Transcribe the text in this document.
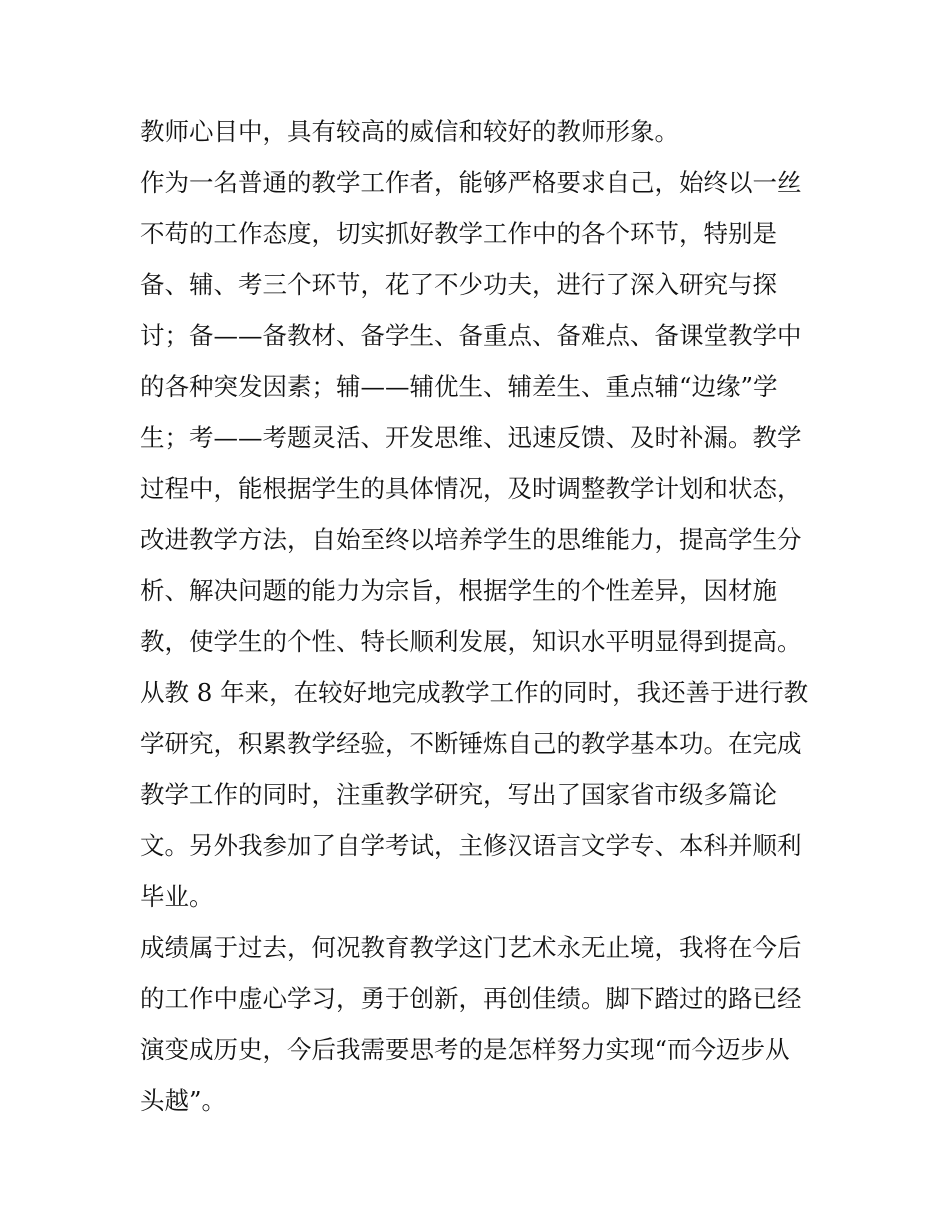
教师心目中，具有较高的威信和较好的教师形象。
作为一名普通的教学工作者，能够严格要求自己，始终以一丝
不苟的工作态度，切实抓好教学工作中的各个环节，特别是
备、辅、考三个环节，花了不少功夫，进行了深入研究与探
讨；备——备教材、备学生、备重点、备难点、备课堂教学中
的各种突发因素；辅——辅优生、辅差生、重点辅“边缘”学
生；考——考题灵活、开发思维、迅速反馈、及时补漏。教学
过程中，能根据学生的具体情况，及时调整教学计划和状态，
改进教学方法，自始至终以培养学生的思维能力，提高学生分
析、解决问题的能力为宗旨，根据学生的个性差异，因材施
教，使学生的个性、特长顺利发展，知识水平明显得到提高。
从教 8 年来，在较好地完成教学工作的同时，我还善于进行教
学研究，积累教学经验，不断锤炼自己的教学基本功。在完成
教学工作的同时，注重教学研究，写出了国家省市级多篇论
文。另外我参加了自学考试，主修汉语言文学专、本科并顺利
毕业。
成绩属于过去，何况教育教学这门艺术永无止境，我将在今后
的工作中虚心学习，勇于创新，再创佳绩。脚下踏过的路已经
演变成历史，今后我需要思考的是怎样努力实现“而今迈步从
头越”。
